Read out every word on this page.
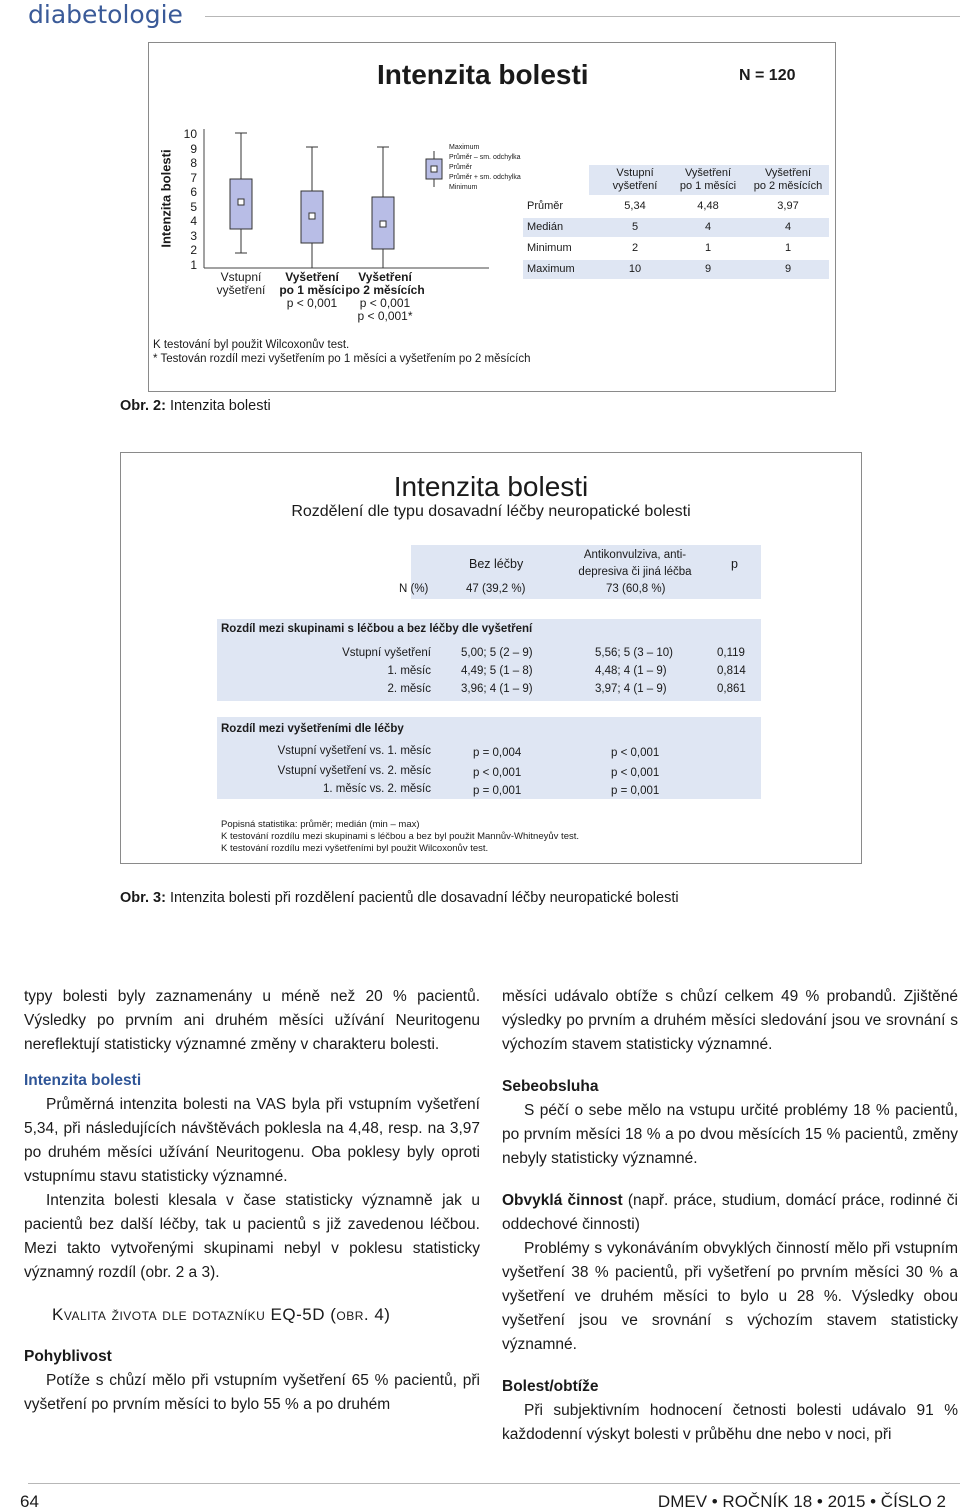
diabetologie
Intenzita bolesti	N = 120
Intenzita bolesti
10
9
8
7
6
5
4
3
2
1
Vstupní
vyšetření
Vyšetření
po 1 měsíci
p < 0,001
Vyšetření
po 2 měsících
p < 0,001
p < 0,001*
Maximum
Průměr – sm. odchylka
Průměr
Průměr + sm. odchylka
Minimum
Vstupní
vyšetření
Vyšetření
po 1 měsíci
Vyšetření
po 2 měsících
Průměr	5,34	4,48	3,97
Medián	5	4	4
Minimum	2	1	1
Maximum	10	9	9
K testování byl použit Wilcoxonův test.
* Testován rozdíl mezi vyšetřením po 1 měsíci a vyšetřením po 2 měsících
Obr. 2: Intenzita bolesti
Intenzita bolesti
Rozdělení dle typu dosavadní léčby neuropatické bolesti
Bez léčby
Antikonvulziva, anti-
depresiva či jiná léčba
p
N (%)	47 (39,2 %)	73 (60,8 %)
Rozdíl mezi skupinami s léčbou a bez léčby dle vyšetření
Vstupní vyšetření	5,00; 5 (2 – 9)	5,56; 5 (3 – 10)	0,119
1. měsíc	4,49; 5 (1 – 8)	4,48; 4 (1 – 9)	0,814
2. měsíc	3,96; 4 (1 – 9)	3,97; 4 (1 – 9)	0,861
Rozdíl mezi vyšetřeními dle léčby
Vstupní vyšetření vs. 1. měsíc	p = 0,004	p < 0,001
Vstupní vyšetření vs. 2. měsíc	p < 0,001	p < 0,001
1. měsíc vs. 2. měsíc	p = 0,001	p = 0,001
Popisná statistika: průměr; medián (min – max)
K testování rozdílu mezi skupinami s léčbou a bez byl použit Mannův-Whitneyův test.
K testování rozdílu mezi vyšetřeními byl použit Wilcoxonův test.
Obr. 3: Intenzita bolesti při rozdělení pacientů dle dosavadní léčby neuropatické bolesti

typy bolesti byly zaznamenány u méně než 20 % pacientů. Výsledky po prvním ani druhém měsíci užívání Neuritogenu nereflektují statisticky významné změny v charakteru bolesti.

Intenzita bolesti

Průměrná intenzita bolesti na VAS byla při vstupním vyšetření 5,34, při následujících návštěvách poklesla na 4,48, resp. na 3,97 po druhém měsíci užívání Neuritogenu. Oba poklesy byly oproti vstupnímu stavu statisticky významné.

Intenzita bolesti klesala v čase statisticky významně jak u pacientů bez další léčby, tak u pacientů s již zavedenou léčbou. Mezi takto vytvořenými skupinami nebyl v poklesu statisticky významný rozdíl (obr. 2 a 3).

Kvalita života dle dotazníku EQ-5D (obr. 4)

Pohyblivost

Potíže s chůzí mělo při vstupním vyšetření 65 % pacientů, při vyšetření po prvním měsíci to bylo 55 % a po druhém

měsíci udávalo obtíže s chůzí celkem 49 % probandů. Zjištěné výsledky po prvním a druhém měsíci sledování jsou ve srovnání s výchozím stavem statisticky významné.

Sebeobsluha

S péčí o sebe mělo na vstupu určité problémy 18 % pacientů, po prvním měsíci 18 % a po dvou měsících 15 % pacientů, změny nebyly statisticky významné.

Obvyklá činnost (např. práce, studium, domácí práce, rodinné či oddechové činnosti)

Problémy s vykonáváním obvyklých činností mělo při vstupním vyšetření 38 % pacientů, při vyšetření po prvním měsíci 30 % a vyšetření ve druhém měsíci to bylo u 28 %. Výsledky obou vyšetření jsou ve srovnání s výchozím stavem statisticky významné.

Bolest/obtíže

Při subjektivním hodnocení četnosti bolesti udávalo 91 % každodenní výskyt bolesti v průběhu dne nebo v noci, při

64	DMEV • ROČNÍK 18 • 2015 • ČÍSLO 2
